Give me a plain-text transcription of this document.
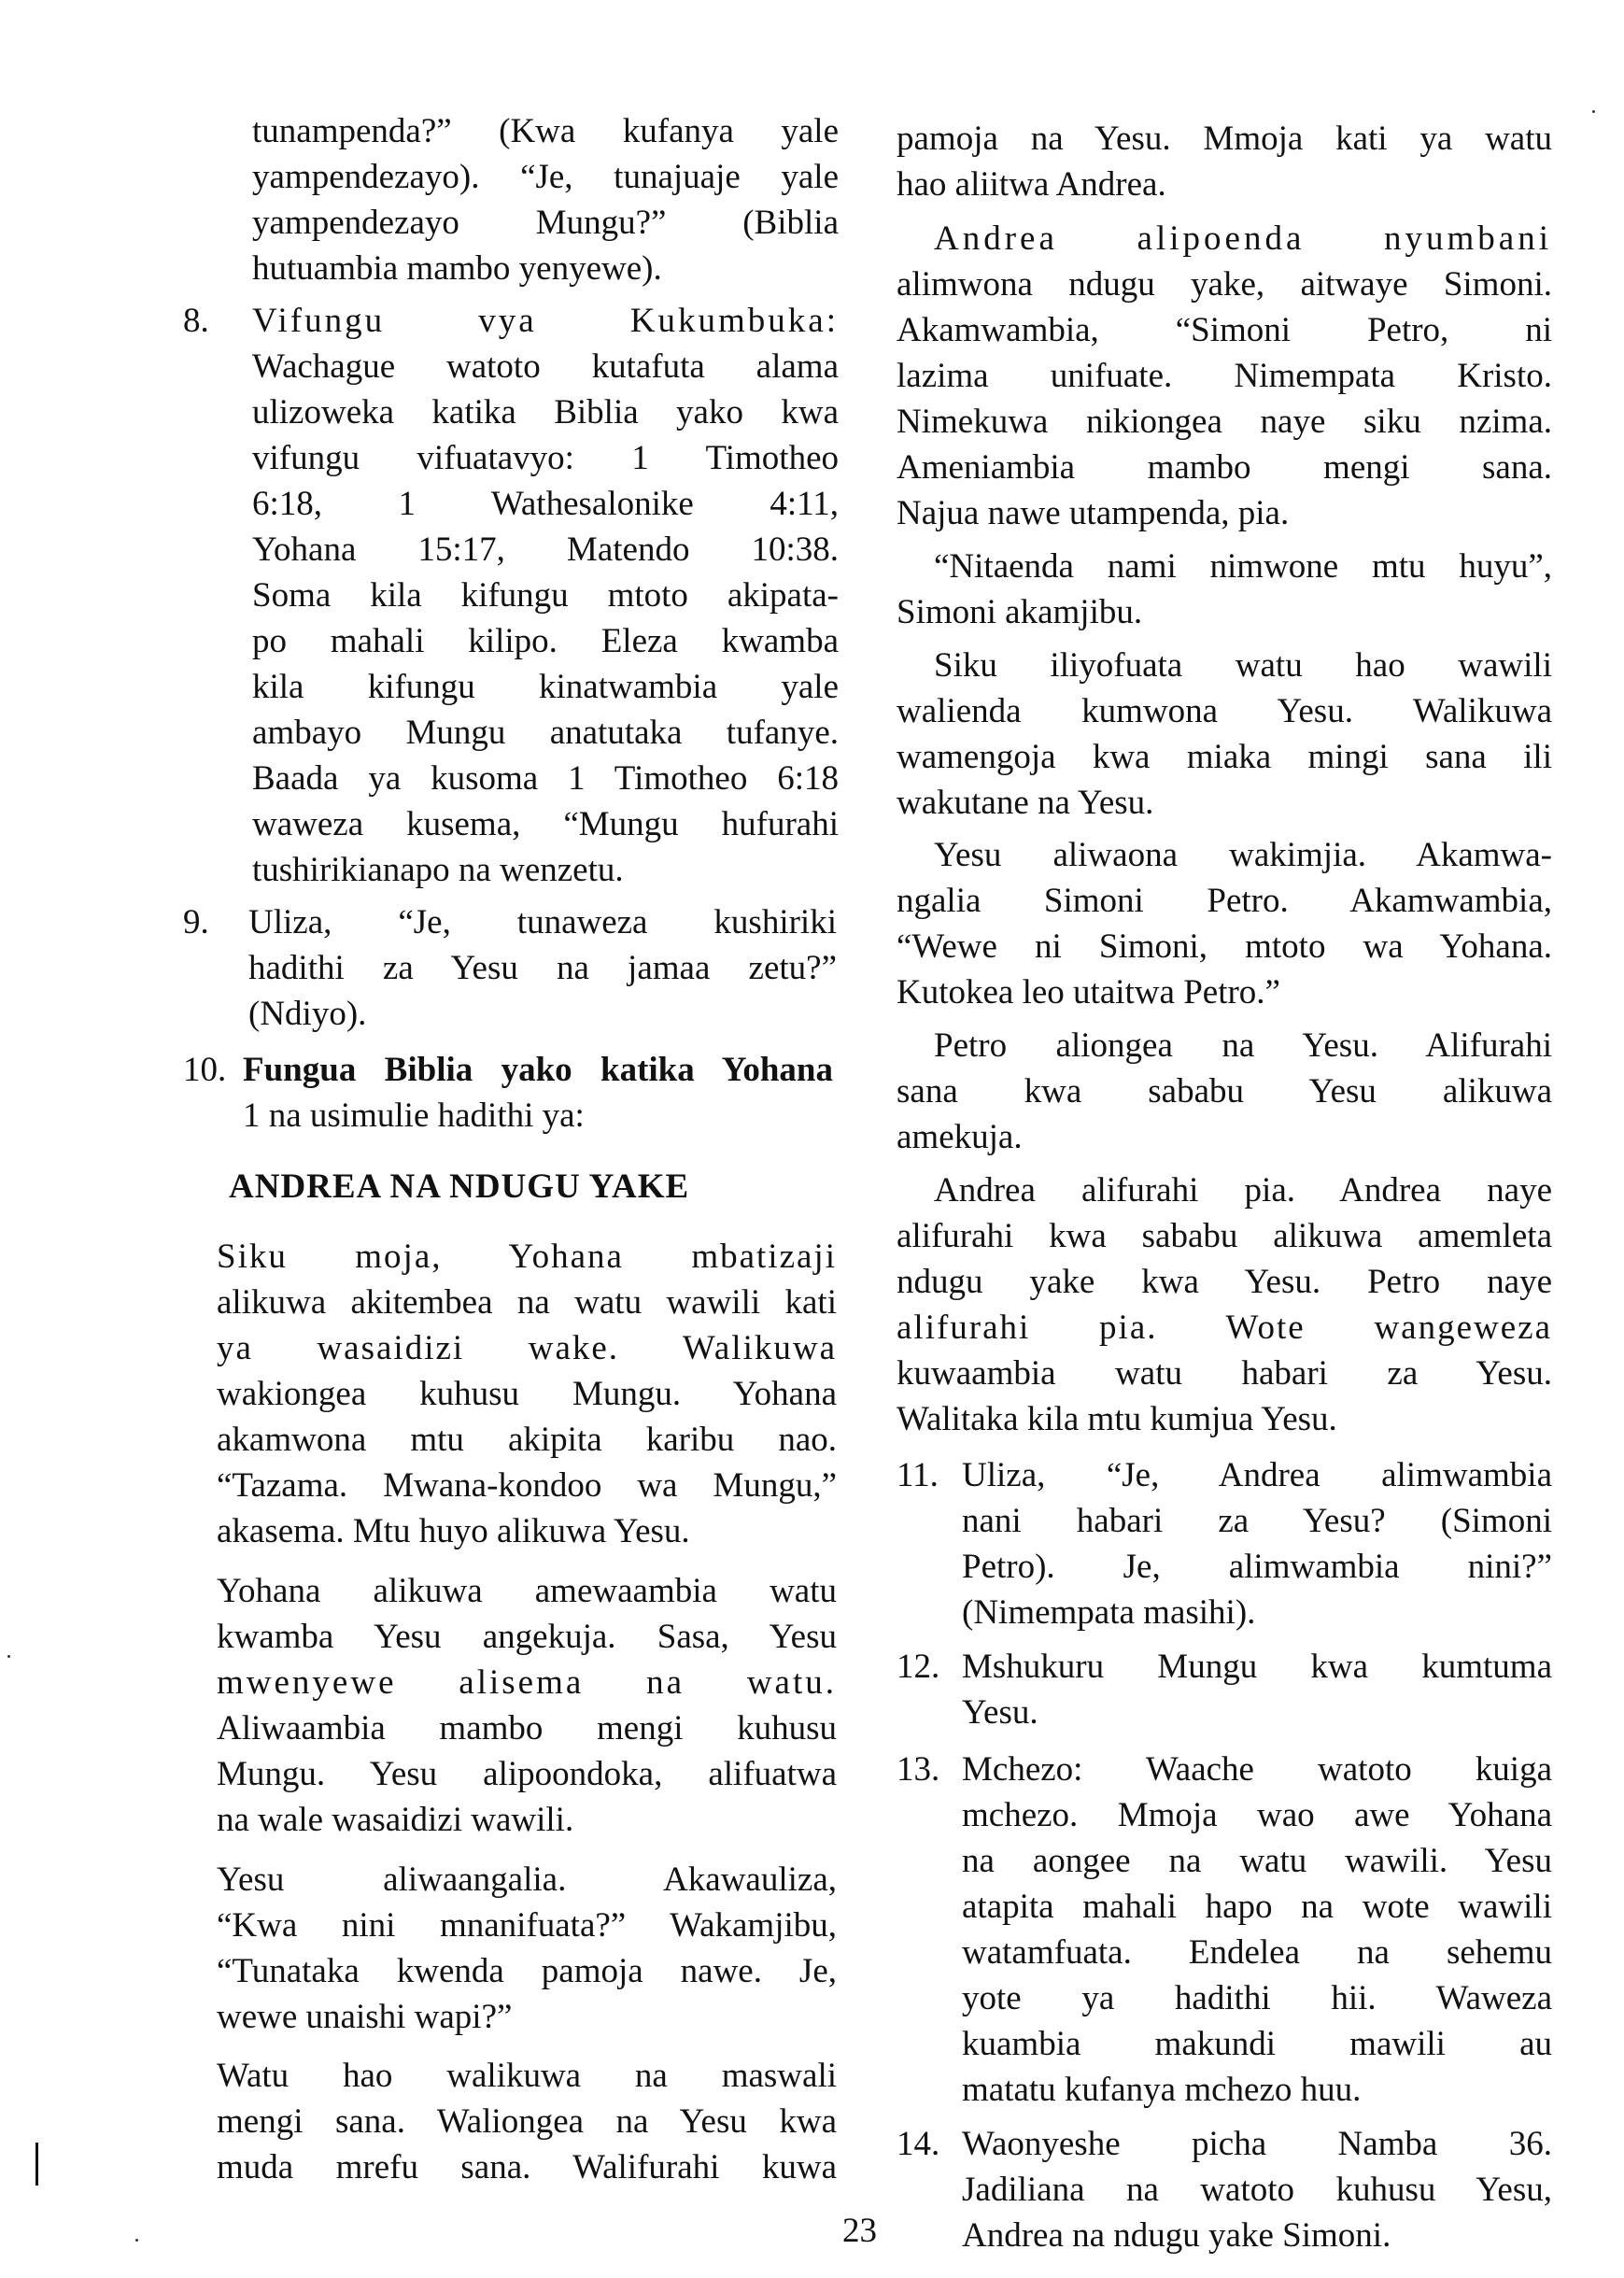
tunampenda?” (Kwa kufanya yale
yampendezayo). “Je, tunajuaje yale
yampendezayo Mungu?” (Biblia
hutuambia mambo yenyewe).
8. Vifungu vya Kukumbuka:
Wachague watoto kutafuta alama
ulizoweka katika Biblia yako kwa
vifungu vifuatavyo: 1 Timotheo
6:18, 1 Wathesalonike 4:11,
Yohana 15:17, Matendo 10:38.
Soma kila kifungu mtoto akipata-
po mahali kilipo. Eleza kwamba
kila kifungu kinatwambia yale
ambayo Mungu anatutaka tufanye.
Baada ya kusoma 1 Timotheo 6:18
waweza kusema, “Mungu hufurahi
tushirikianapo na wenzetu.
9. Uliza, “Je, tunaweza kushiriki
hadithi za Yesu na jamaa zetu?”
(Ndiyo).
10. Fungua Biblia yako katika Yohana
1 na usimulie hadithi ya:
ANDREA NA NDUGU YAKE
Siku moja, Yohana mbatizaji
alikuwa akitembea na watu wawili kati
ya wasaidizi wake. Walikuwa
wakiongea kuhusu Mungu. Yohana
akamwona mtu akipita karibu nao.
“Tazama. Mwana-kondoo wa Mungu,”
akasema. Mtu huyo alikuwa Yesu.
Yohana alikuwa amewaambia watu
kwamba Yesu angekuja. Sasa, Yesu
mwenyewe alisema na watu.
Aliwaambia mambo mengi kuhusu
Mungu. Yesu alipoondoka, alifuatwa
na wale wasaidizi wawili.
Yesu aliwaangalia. Akawauliza,
“Kwa nini mnanifuata?” Wakamjibu,
“Tunataka kwenda pamoja nawe. Je,
wewe unaishi wapi?”
Watu hao walikuwa na maswali
mengi sana. Waliongea na Yesu kwa
muda mrefu sana. Walifurahi kuwa
pamoja na Yesu. Mmoja kati ya watu
hao aliitwa Andrea.
Andrea alipoenda nyumbani
alimwona ndugu yake, aitwaye Simoni.
Akamwambia, “Simoni Petro, ni
lazima unifuate. Nimempata Kristo.
Nimekuwa nikiongea naye siku nzima.
Ameniambia mambo mengi sana.
Najua nawe utampenda, pia.
“Nitaenda nami nimwone mtu huyu”,
Simoni akamjibu.
Siku iliyofuata watu hao wawili
walienda kumwona Yesu. Walikuwa
wamengoja kwa miaka mingi sana ili
wakutane na Yesu.
Yesu aliwaona wakimjia. Akamwa-
ngalia Simoni Petro. Akamwambia,
“Wewe ni Simoni, mtoto wa Yohana.
Kutokea leo utaitwa Petro.”
Petro aliongea na Yesu. Alifurahi
sana kwa sababu Yesu alikuwa
amekuja.
Andrea alifurahi pia. Andrea naye
alifurahi kwa sababu alikuwa amemleta
ndugu yake kwa Yesu. Petro naye
alifurahi pia. Wote wangeweza
kuwaambia watu habari za Yesu.
Walitaka kila mtu kumjua Yesu.
11. Uliza, “Je, Andrea alimwambia
nani habari za Yesu? (Simoni
Petro). Je, alimwambia nini?”
(Nimempata masihi).
12. Mshukuru Mungu kwa kumtuma
Yesu.
13. Mchezo: Waache watoto kuiga
mchezo. Mmoja wao awe Yohana
na aongee na watu wawili. Yesu
atapita mahali hapo na wote wawili
watamfuata. Endelea na sehemu
yote ya hadithi hii. Waweza
kuambia makundi mawili au
matatu kufanya mchezo huu.
14. Waonyeshe picha Namba 36.
Jadiliana na watoto kuhusu Yesu,
Andrea na ndugu yake Simoni.
23
